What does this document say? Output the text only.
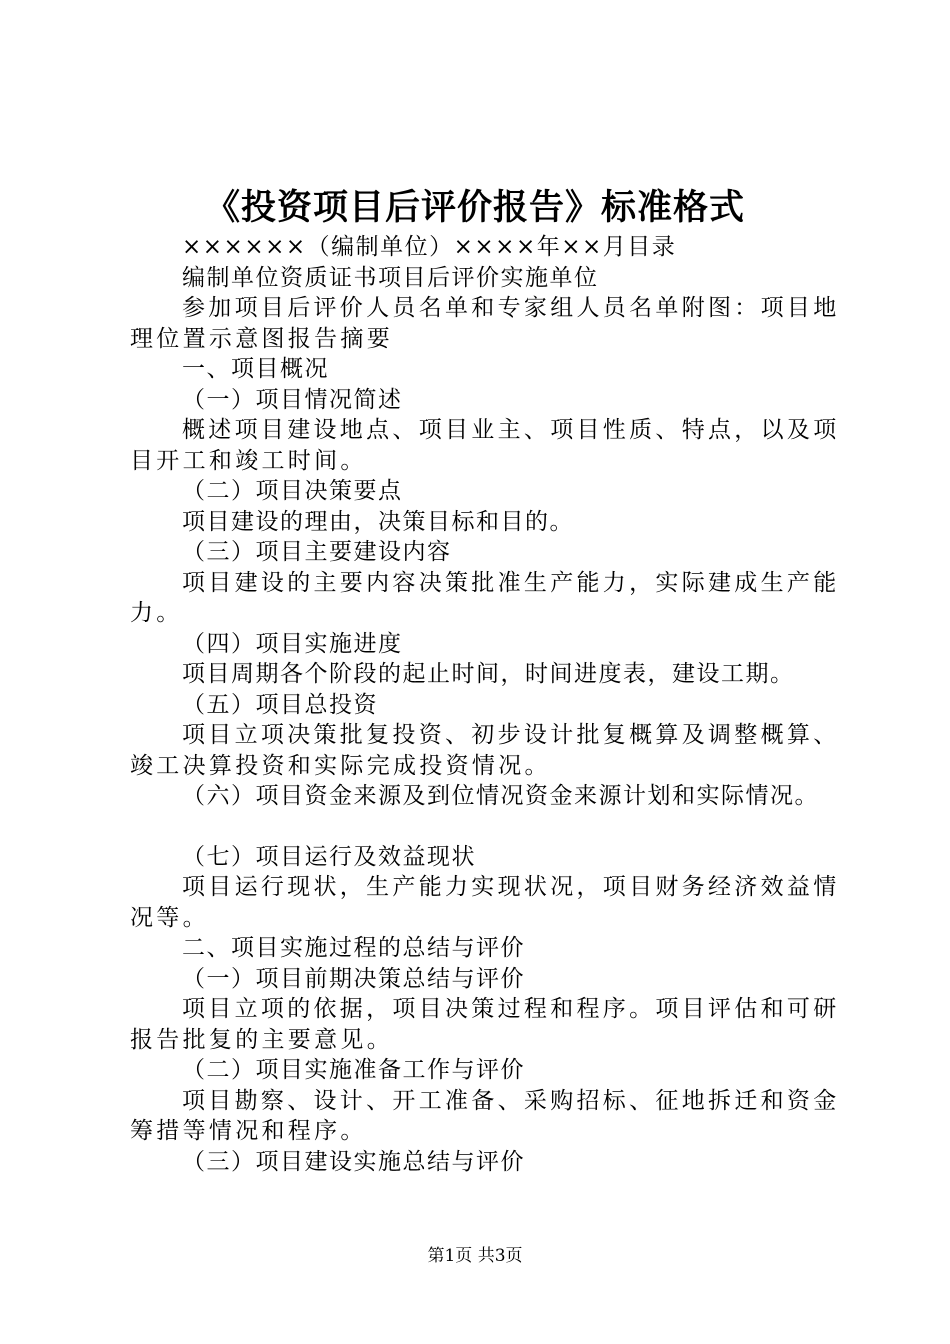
《投资项目后评价报告》标准格式

××××××（编制单位）××××年××月目录

编制单位资质证书项目后评价实施单位

参加项目后评价人员名单和专家组人员名单附图：项目地理位置示意图报告摘要

一、项目概况

（一）项目情况简述

概述项目建设地点、项目业主、项目性质、特点，以及项目开工和竣工时间。

（二）项目决策要点

项目建设的理由，决策目标和目的。

（三）项目主要建设内容

项目建设的主要内容决策批准生产能力，实际建成生产能力。

（四）项目实施进度

项目周期各个阶段的起止时间，时间进度表，建设工期。

（五）项目总投资

项目立项决策批复投资、初步设计批复概算及调整概算、竣工决算投资和实际完成投资情况。

（六）项目资金来源及到位情况资金来源计划和实际情况。

（七）项目运行及效益现状

项目运行现状，生产能力实现状况，项目财务经济效益情况等。

二、项目实施过程的总结与评价

（一）项目前期决策总结与评价

项目立项的依据，项目决策过程和程序。项目评估和可研报告批复的主要意见。

（二）项目实施准备工作与评价

项目勘察、设计、开工准备、采购招标、征地拆迁和资金筹措等情况和程序。

（三）项目建设实施总结与评价

第1页 共3页
